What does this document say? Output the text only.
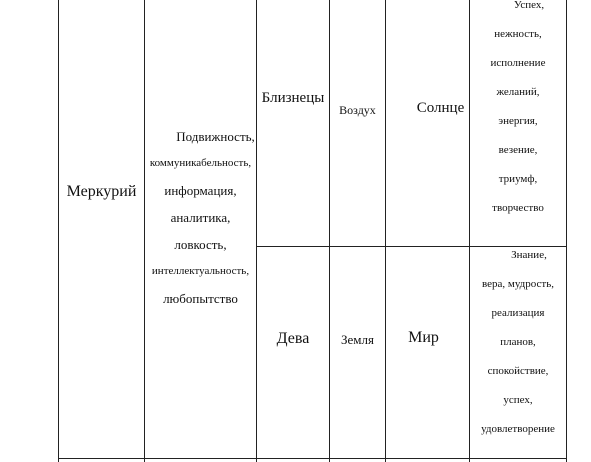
Меркурий
Подвижность,
коммуникабельность,
информация,
аналитика,
ловкость,
интеллектуальность,
любопытство
Близнецы
Воздух	Солнце
Успех,
нежность,
исполнение
желаний,
энергия,
везение,
триумф,
творчество
Дева Земля Мир
Знание,
вера, мудрость,
реализация
планов,
спокойствие,
успех,
удовлетворение
